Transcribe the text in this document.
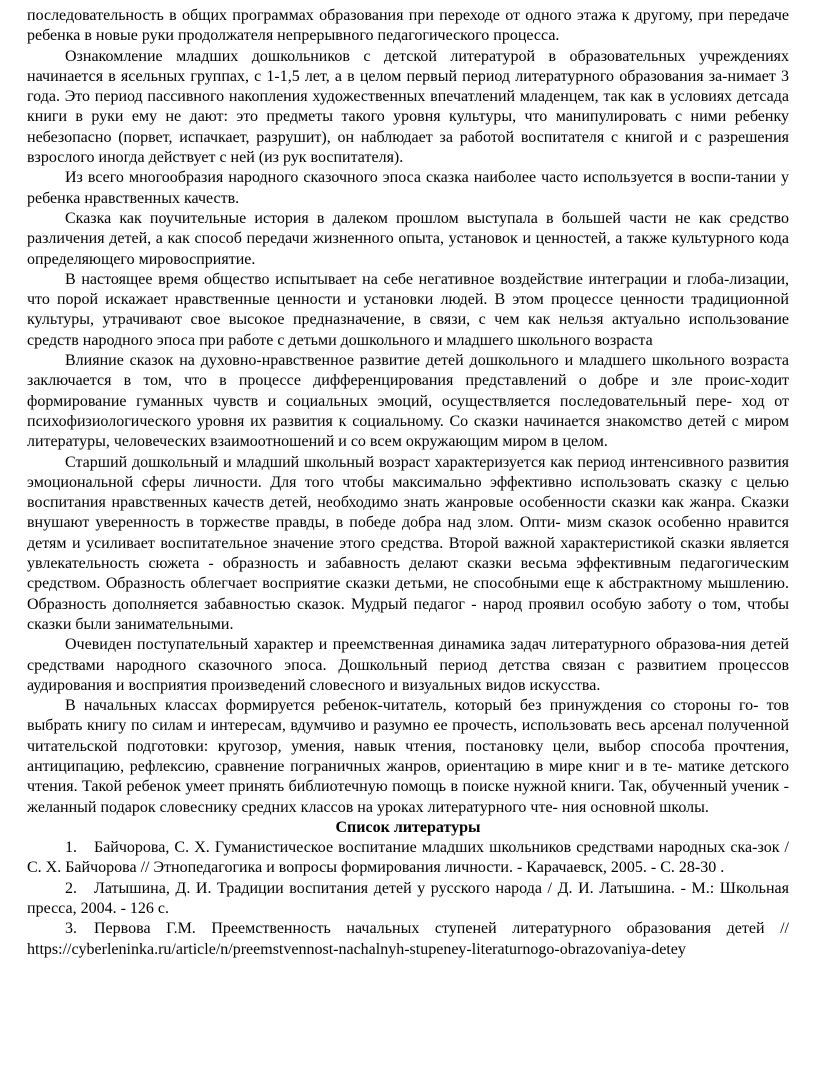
последовательность в общих программах образования при переходе от одного этажа к другому, при передаче ребенка в новые руки продолжателя непрерывного педагогического процесса.

Ознакомление младших дошкольников с детской литературой в образовательных учреждениях начинается в ясельных группах, с 1-1,5 лет, а в целом первый период литературного образования за-нимает 3 года. Это период пассивного накопления художественных впечатлений младенцем, так как в условиях детсада книги в руки ему не дают: это предметы такого уровня культуры, что манипулировать с ними ребенку небезопасно (порвет, испачкает, разрушит), он наблюдает за работой воспитателя с книгой и с разрешения взрослого иногда действует с ней (из рук воспитателя).

Из всего многообразия народного сказочного эпоса сказка наиболее часто используется в воспи-тании у ребенка нравственных качеств.

Сказка как поучительные история в далеком прошлом выступала в большей части не как средство различения детей, а как способ передачи жизненного опыта, установок и ценностей, а также культурного кода определяющего мировосприятие.

В настоящее время общество испытывает на себе негативное воздействие интеграции и глоба-лизации, что порой искажает нравственные ценности и установки людей. В этом процессе ценности традиционной культуры, утрачивают свое высокое предназначение, в связи, с чем как нельзя актуально использование средств народного эпоса при работе с детьми дошкольного и младшего школьного возраста

Влияние сказок на духовно-нравственное развитие детей дошкольного и младшего школьного возраста заключается в том, что в процессе дифференцирования представлений о добре и зле проис-ходит формирование гуманных чувств и социальных эмоций, осуществляется последовательный пере- ход от психофизиологического уровня их развития к социальному. Со сказки начинается знакомство детей с миром литературы, человеческих взаимоотношений и со всем окружающим миром в целом.

Старший дошкольный и младший школьный возраст характеризуется как период интенсивного развития эмоциональной сферы личности. Для того чтобы максимально эффективно использовать сказку с целью воспитания нравственных качеств детей, необходимо знать жанровые особенности сказки как жанра. Сказки внушают уверенность в торжестве правды, в победе добра над злом. Опти- мизм сказок особенно нравится детям и усиливает воспитательное значение этого средства. Второй важной характеристикой сказки является увлекательность сюжета - образность и забавность делают сказки весьма эффективным педагогическим средством. Образность облегчает восприятие сказки детьми, не способными еще к абстрактному мышлению. Образность дополняется забавностью сказок. Мудрый педагог - народ проявил особую заботу о том, чтобы сказки были занимательными.

Очевиден поступательный характер и преемственная динамика задач литературного образова-ния детей средствами народного сказочного эпоса. Дошкольный период детства связан с развитием процессов аудирования и восприятия произведений словесного и визуальных видов искусства.

В начальных классах формируется ребенок-читатель, который без принуждения со стороны го- тов выбрать книгу по силам и интересам, вдумчиво и разумно ее прочесть, использовать весь арсенал полученной читательской подготовки: кругозор, умения, навык чтения, постановку цели, выбор способа прочтения, антиципацию, рефлексию, сравнение пограничных жанров, ориентацию в мире книг и в те- матике детского чтения. Такой ребенок умеет принять библиотечную помощь в поиске нужной книги. Так, обученный ученик - желанный подарок словеснику средних классов на уроках литературного чте- ния основной школы.

Список литературы

1. Байчорова, С. Х. Гуманистическое воспитание младших школьников средствами народных ска-зок / С. Х. Байчорова // Этнопедагогика и вопросы формирования личности. - Карачаевск, 2005. - С. 28-30 .

2. Латышина, Д. И. Традиции воспитания детей у русского народа / Д. И. Латышина. - М.: Школьная пресса, 2004. - 126 с.

3. Первова Г.М. Преемственность начальных ступеней литературного образования детей // https://cyberleninka.ru/article/n/preemstvennost-nachalnyh-stupeney-literaturnogo-obrazovaniya-detey
